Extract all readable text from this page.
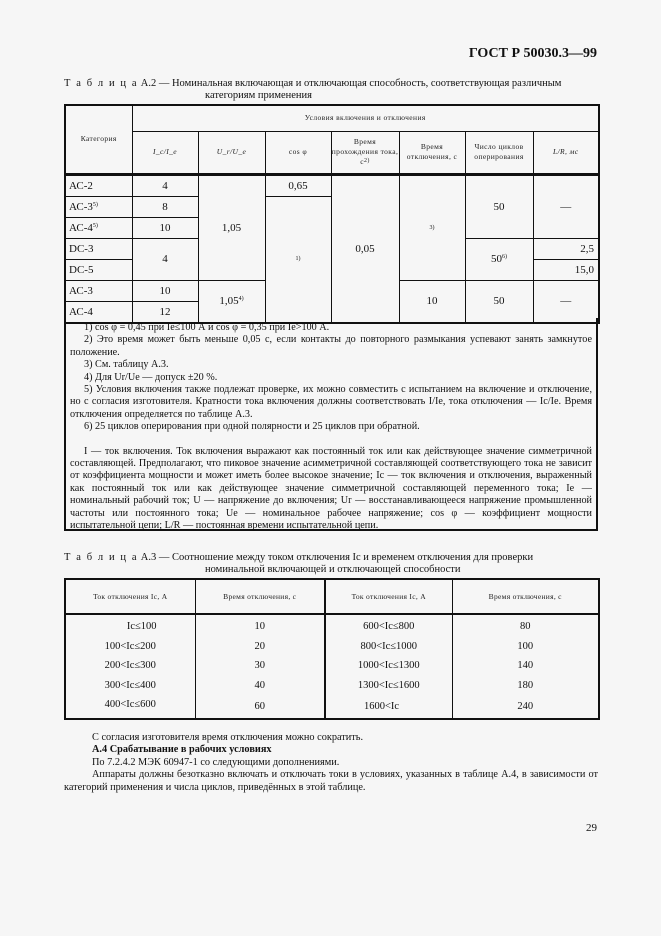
ГОСТ Р 50030.3—99
Т а б л и ц а А.2 — Номинальная включающая и отключающая способность, соответствующая различным
категориям применения
Категория	Условия включения и отключения						
	I_c/I_e	U_r/U_e	cos φ	Время прохождения тока, $с^{2)}$	Время отключения, с	Число циклов оперирования	L/R, мс
АС-2	4	1,05	0,65	0,05	3)	50	—
АС-3$^{5)}$	8		1)				
АС-4$^{5)}$	10						
DC-3	4					50$^{6)}$	2,5
DC-5							15,0
АС-3	10	1,05$^{4)}$			10	50	—
АС-4	12						

1) cos φ = 0,45 при Ie≤100 А и cos φ = 0,35 при Ie>100 А.

2) Это время может быть меньше 0,05 с, если контакты до повторного размыкания успевают занять замкнутое положение.

3) См. таблицу А.3.

4) Для Ur/Ue — допуск ±20 %.

5) Условия включения также подлежат проверке, их можно совместить с испытанием на включение и отключение, но с согласия изготовителя. Кратности тока включения должны соответствовать I/Ie, тока отключения — Ic/Ie. Время отключения определяется по таблице А.3.

6) 25 циклов оперирования при одной полярности и 25 циклов при обратной.

I — ток включения. Ток включения выражают как постоянный ток или как действующее значение симметричной составляющей. Предполагают, что пиковое значение асимметричной составляющей соответствующего тока не зависит от коэффициента мощности и может иметь более высокое значение; Ic — ток включения и отключения, выраженный как постоянный ток или как действующее значение симметричной составляющей переменного тока; Ie — номинальный рабочий ток; U — напряжение до включения; Ur — восстанавливающееся напряжение промышленной частоты или постоянного тока; Ue — номинальное рабочее напряжение; cos φ — коэффициент мощности испытательной цепи; L/R — постоянная времени испытательной цепи.

Т а б л и ц а А.3 — Соотношение между током отключения Ic и временем отключения для проверки
номинальной включающей и отключающей способности
Ток отключения Ic, А	Время отключения, с	Ток отключения Ic, А	Время отключения, с
Ic≤100	10	600<Ic≤800	80
100<Ic≤200	20	800<Ic≤1000	100
200<Ic≤300	30	1000<Ic≤1300	140
300<Ic≤400	40	1300<Ic≤1600	180
400<Ic≤600	60	1600<Ic	240

С согласия изготовителя время отключения можно сократить.

А.4 Срабатывание в рабочих условиях

По 7.2.4.2 МЭК 60947-1 со следующими дополнениями.

Аппараты должны безотказно включать и отключать токи в условиях, указанных в таблице А.4, в зависимости от категорий применения и числа циклов, приведённых в этой таблице.

29
